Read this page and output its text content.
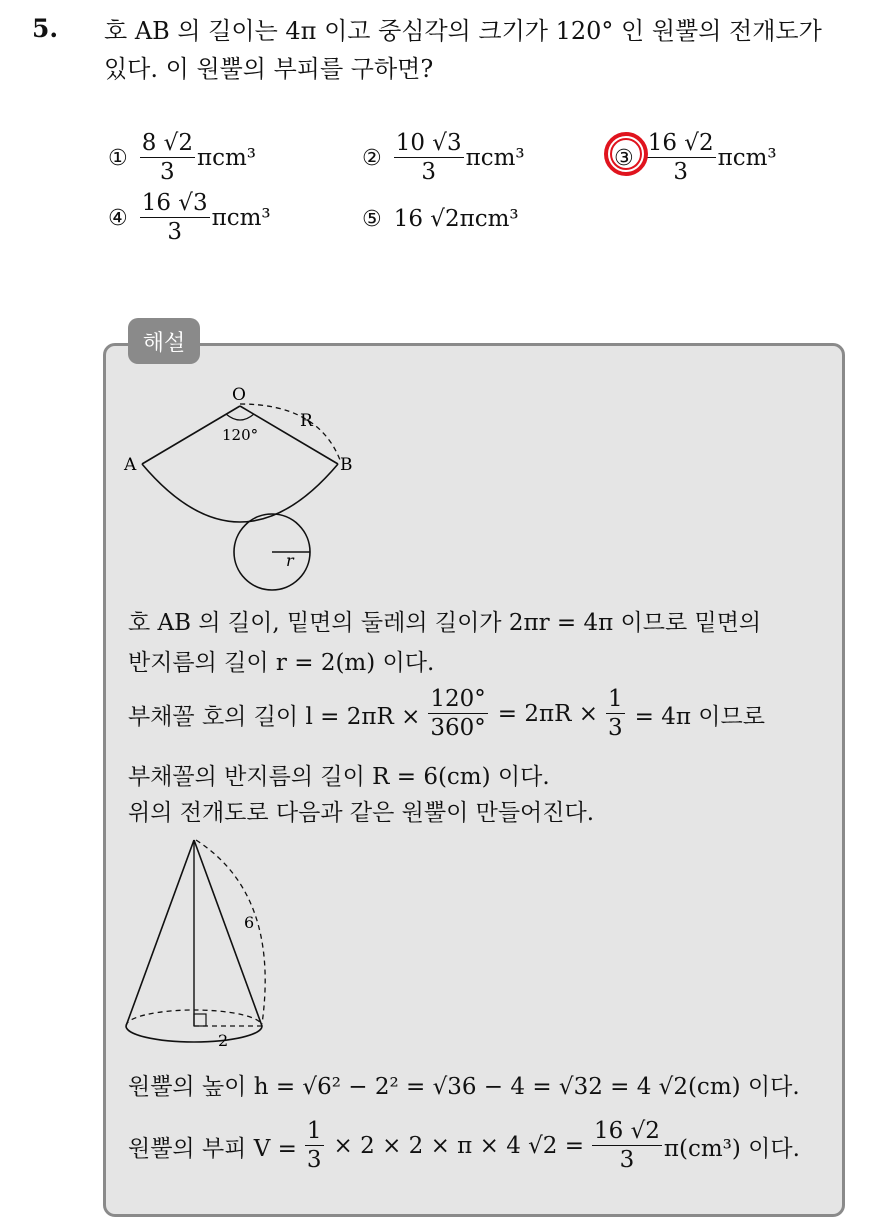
5. 호 AB 의 길이는 4π 이고 중심각의 크기가 120° 인 원뿔의 전개도가
있다. 이 원뿔의 부피를 구하면?
① $\frac{8 √2}{3} \pi cm^3$	② $\frac{10 √3}{3} \pi cm^3$	③ $\frac{16 √2}{3} \pi cm^3$
④ $\frac{16 √3}{3} \pi cm^3$	⑤ 16 √2πcm³
해설
O
R
A	B
120°
r
호 AB 의 길이, 밑면의 둘레의 길이가 2πr = 4π 이므로 밑면의
반지름의 길이 r = 2(m) 이다.
부채꼴 호의 길이 $l = 2\pi R \times \frac{120^\circ}{360^\circ} = 2\pi R \times \frac{1}{3} = 4\pi$ 이므로
부채꼴의 반지름의 길이 R = 6(cm) 이다.
위의 전개도로 다음과 같은 원뿔이 만들어진다.
6
2
원뿔의 높이 h = √6² − 2² = √36 − 4 = √32 = 4 √2(cm) 이다.
원뿔의 부피 $V = \frac{1}{3} \times 2 \times 2 \times \pi \times 4$ $√2 = \frac{16 √2}{3} \pi(cm^3)$ 이다.
